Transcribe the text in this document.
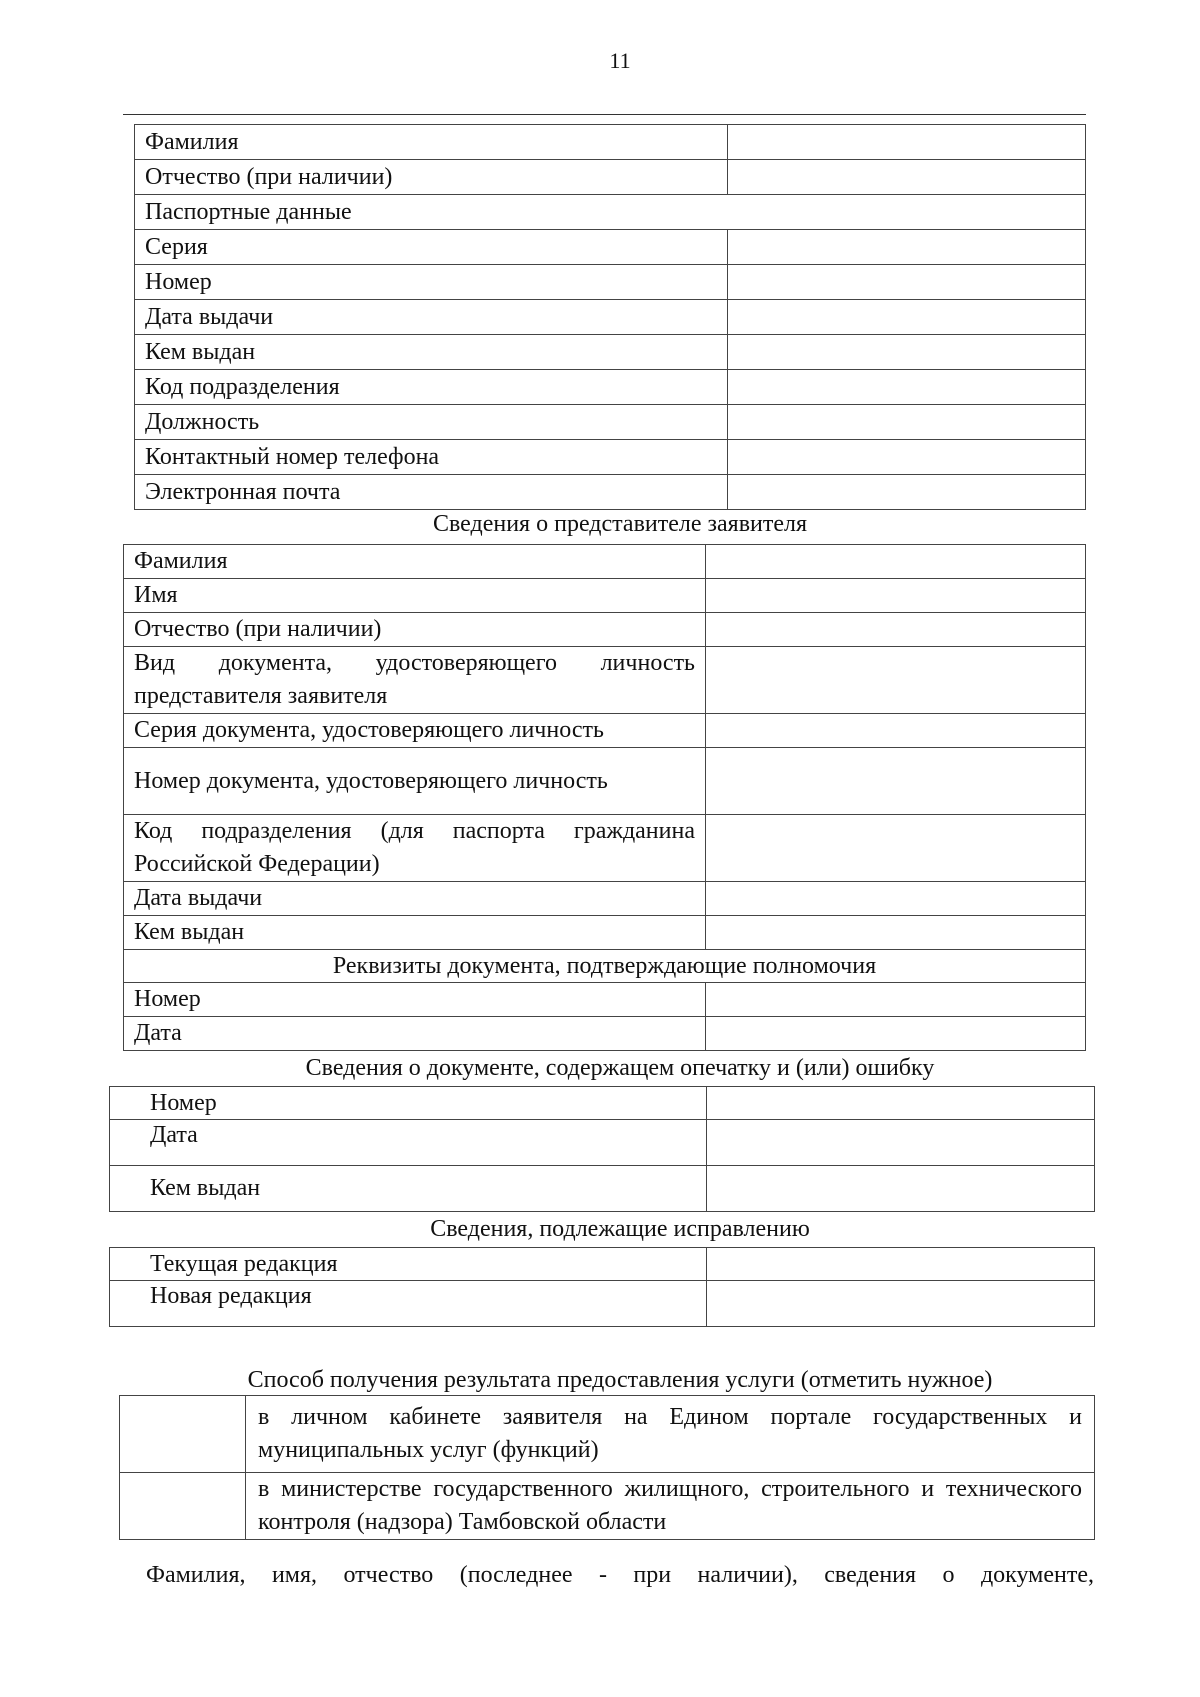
11
Фамилия	
Отчество (при наличии)	
Паспортные данные	
Серия	
Номер	
Дата выдачи	
Кем выдан	
Код подразделения	
Должность	
Контактный номер телефона	
Электронная почта	
Сведения о представителе заявителя
Фамилия	
Имя	
Отчество (при наличии)	
Вид документа, удостоверяющего личность представителя заявителя	
Серия документа, удостоверяющего личность	
Номер документа, удостоверяющего личность	
Код подразделения (для паспорта гражданина Российской Федерации)	
Дата выдачи	
Кем выдан	
Реквизиты документа, подтверждающие полномочия	
Номер	
Дата	
Сведения о документе, содержащем опечатку и (или) ошибку
Номер	
Дата	
Кем выдан	
Сведения, подлежащие исправлению
Текущая редакция	
Новая редакция	
Способ получения результата предоставления услуги (отметить нужное)
	в личном кабинете заявителя на Едином портале государственных и муниципальных услуг (функций)
	в министерстве государственного жилищного, строительного и технического контроля (надзора) Тамбовской области
Фамилия, имя, отчество (последнее - при наличии), сведения о документе,
